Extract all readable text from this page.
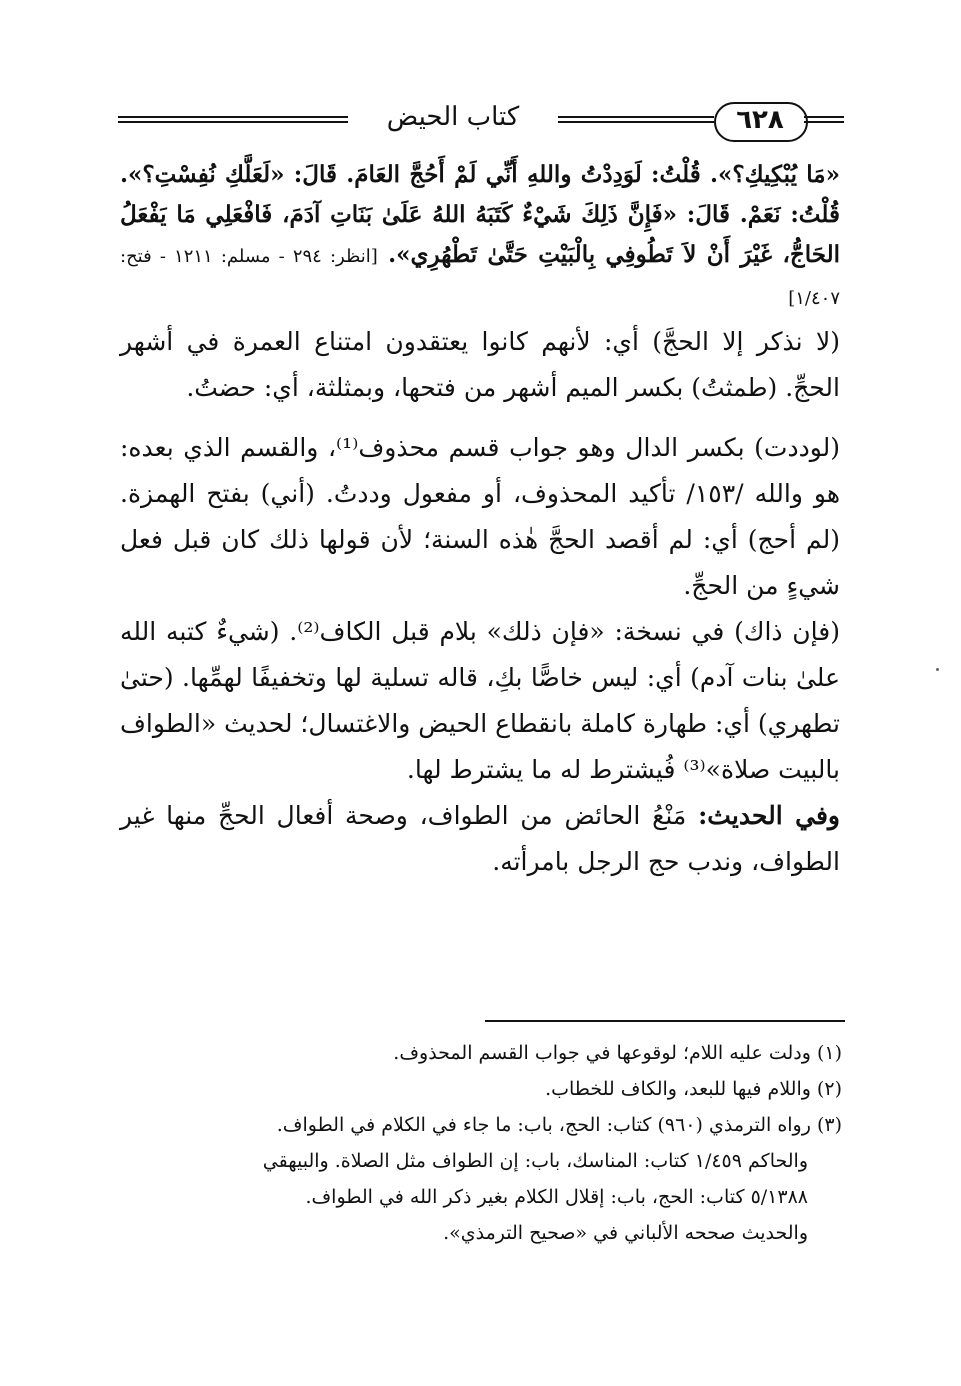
كتاب الحيض	٦٢٨

«مَا يُبْكِيكِ؟». قُلْتُ: لَوَدِدْتُ واللهِ أَنِّي لَمْ أَحُجَّ العَامَ. قَالَ: «لَعَلَّكِ نُفِسْتِ؟». قُلْتُ: نَعَمْ. قَالَ: «فَإِنَّ ذَلِكَ شَيْءٌ كَتَبَهُ اللهُ عَلَىٰ بَنَاتِ آدَمَ، فَافْعَلِي مَا يَفْعَلُ الحَاجُّ، غَيْرَ أَنْ لاَ تَطُوفِي بِالْبَيْتِ حَتَّىٰ تَطْهُرِي». [انظر: ٢٩٤ - مسلم: ١٢١١ - فتح: ١/٤٠٧]

(لا نذكر إلا الحجَّ) أي: لأنهم كانوا يعتقدون امتناع العمرة في أشهر الحجِّ. (طمثتُ) بكسر الميم أشهر من فتحها، وبمثلثة، أي: حضتُ.

(لوددت) بكسر الدال وهو جواب قسم محذوف⁽¹⁾، والقسم الذي بعده: هو والله /١٥٣/ تأكيد المحذوف، أو مفعول وددتُ. (أني) بفتح الهمزة. (لم أحج) أي: لم أقصد الحجَّ هٰذه السنة؛ لأن قولها ذلك كان قبل فعل شيءٍ من الحجِّ.

(فإن ذاك) في نسخة: «فإن ذلك» بلام قبل الكاف⁽²⁾. (شيءٌ كتبه الله علىٰ بنات آدم) أي: ليس خاصًّا بكِ، قاله تسلية لها وتخفيفًا لهمِّها. (حتىٰ تطهري) أي: طهارة كاملة بانقطاع الحيض والاغتسال؛ لحديث «الطواف بالبيت صلاة»⁽³⁾ فُيشترط له ما يشترط لها.

وفي الحديث: مَنْعُ الحائض من الطواف، وصحة أفعال الحجِّ منها غير الطواف، وندب حج الرجل بامرأته.

(١) ودلت عليه اللام؛ لوقوعها في جواب القسم المحذوف.

(٢) واللام فيها للبعد، والكاف للخطاب.

(٣) رواه الترمذي (٩٦٠) كتاب: الحج، باب: ما جاء في الكلام في الطواف.

والحاكم ١/٤٥٩ كتاب: المناسك، باب: إن الطواف مثل الصلاة. والبيهقي

٥/١٣٨٨ كتاب: الحج، باب: إقلال الكلام بغير ذكر الله في الطواف.

والحديث صححه الألباني في «صحيح الترمذي».
